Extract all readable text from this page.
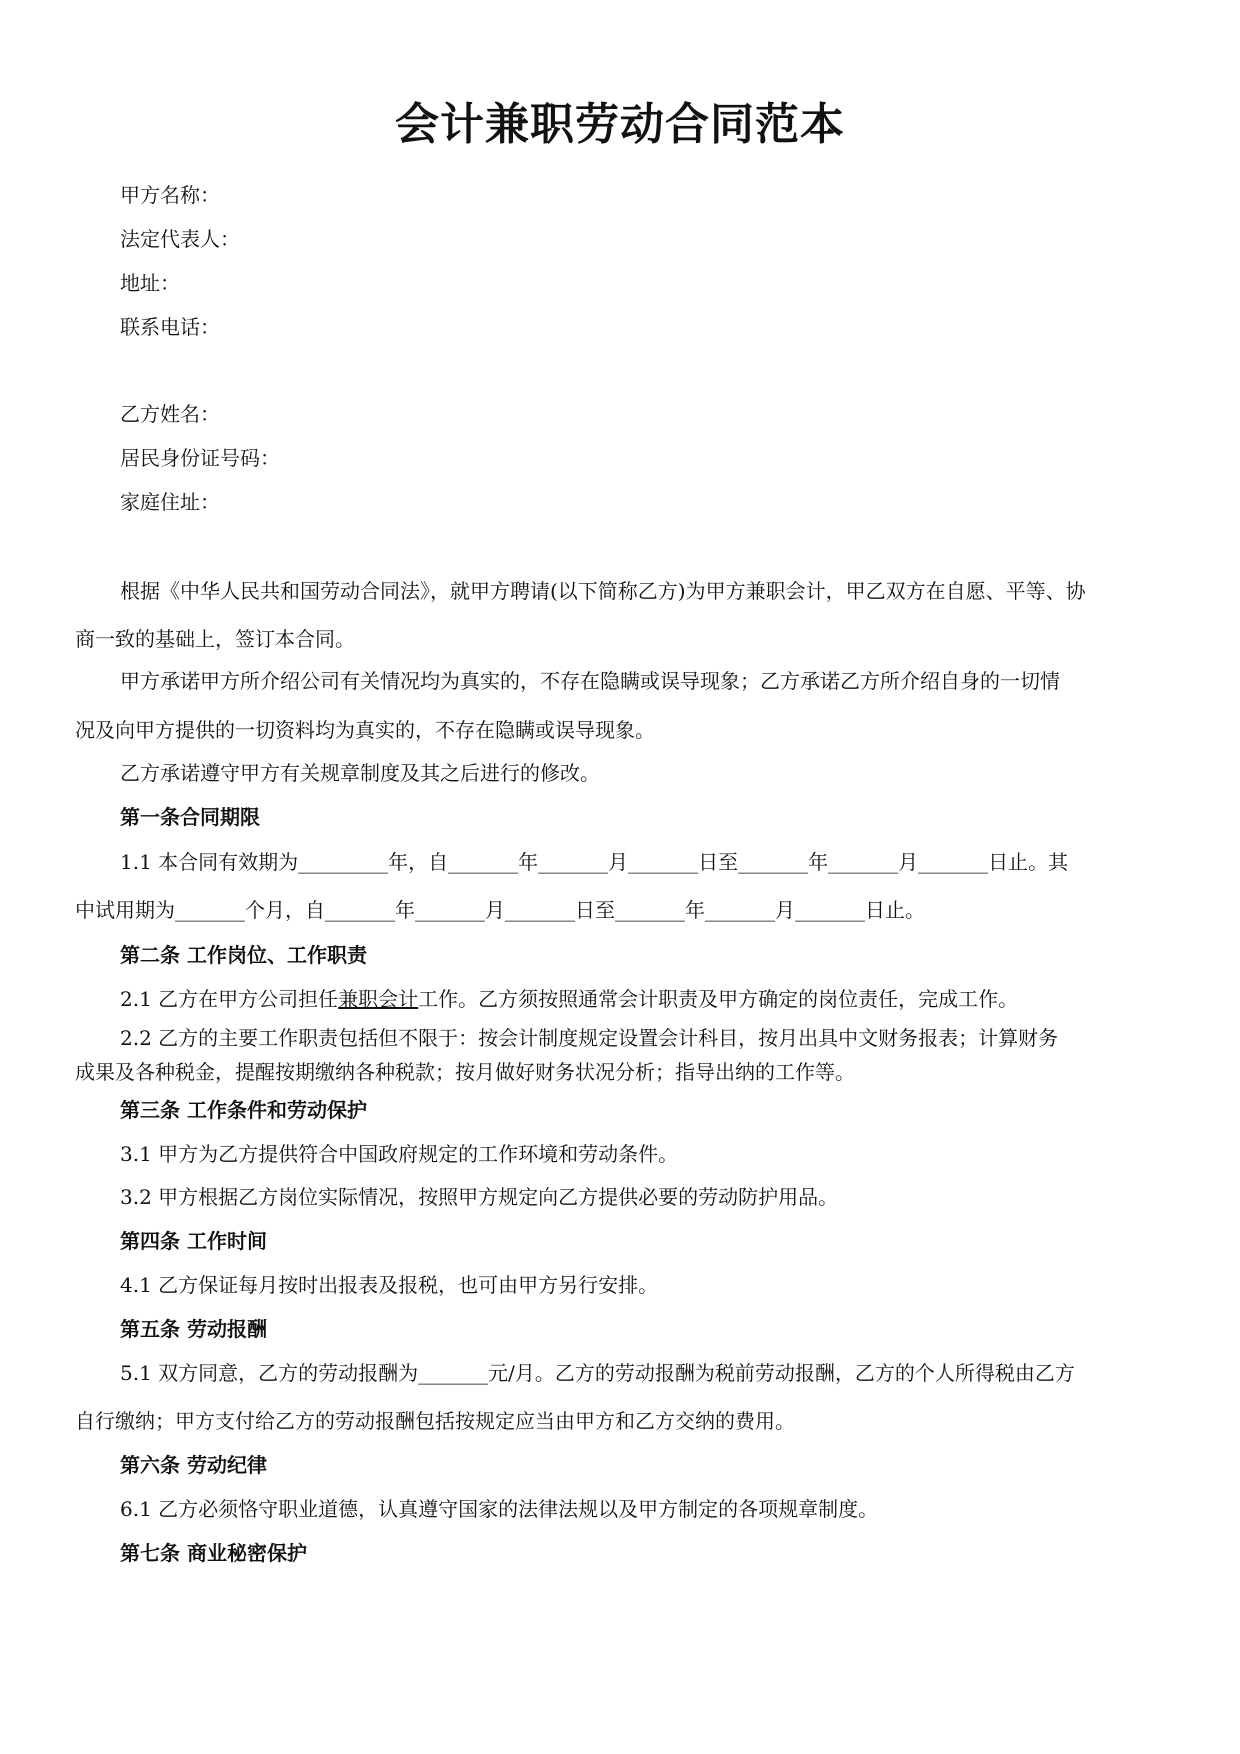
会计兼职劳动合同范本
甲方名称：
法定代表人：
地址：
联系电话：
乙方姓名：
居民身份证号码：
家庭住址：
根据《中华人民共和国劳动合同法》，就甲方聘请(以下简称乙方)为甲方兼职会计，甲乙双方在自愿、平等、协
商一致的基础上，签订本合同。
甲方承诺甲方所介绍公司有关情况均为真实的，不存在隐瞒或误导现象；乙方承诺乙方所介绍自身的一切情
况及向甲方提供的一切资料均为真实的，不存在隐瞒或误导现象。
乙方承诺遵守甲方有关规章制度及其之后进行的修改。
第一条合同期限
1.1 本合同有效期为_________年，自_______年_______月_______日至_______年_______月_______日止。其
中试用期为_______个月，自_______年_______月_______日至_______年_______月_______日止。
第二条 工作岗位、工作职责
2.1 乙方在甲方公司担任兼职会计工作。乙方须按照通常会计职责及甲方确定的岗位责任，完成工作。
2.2 乙方的主要工作职责包括但不限于：按会计制度规定设置会计科目，按月出具中文财务报表；计算财务
成果及各种税金，提醒按期缴纳各种税款；按月做好财务状况分析；指导出纳的工作等。
第三条 工作条件和劳动保护
3.1 甲方为乙方提供符合中国政府规定的工作环境和劳动条件。
3.2 甲方根据乙方岗位实际情况，按照甲方规定向乙方提供必要的劳动防护用品。
第四条 工作时间
4.1 乙方保证每月按时出报表及报税，也可由甲方另行安排。
第五条 劳动报酬
5.1 双方同意，乙方的劳动报酬为_______元/月。乙方的劳动报酬为税前劳动报酬，乙方的个人所得税由乙方
自行缴纳；甲方支付给乙方的劳动报酬包括按规定应当由甲方和乙方交纳的费用。
第六条 劳动纪律
6.1 乙方必须恪守职业道德，认真遵守国家的法律法规以及甲方制定的各项规章制度。
第七条 商业秘密保护
